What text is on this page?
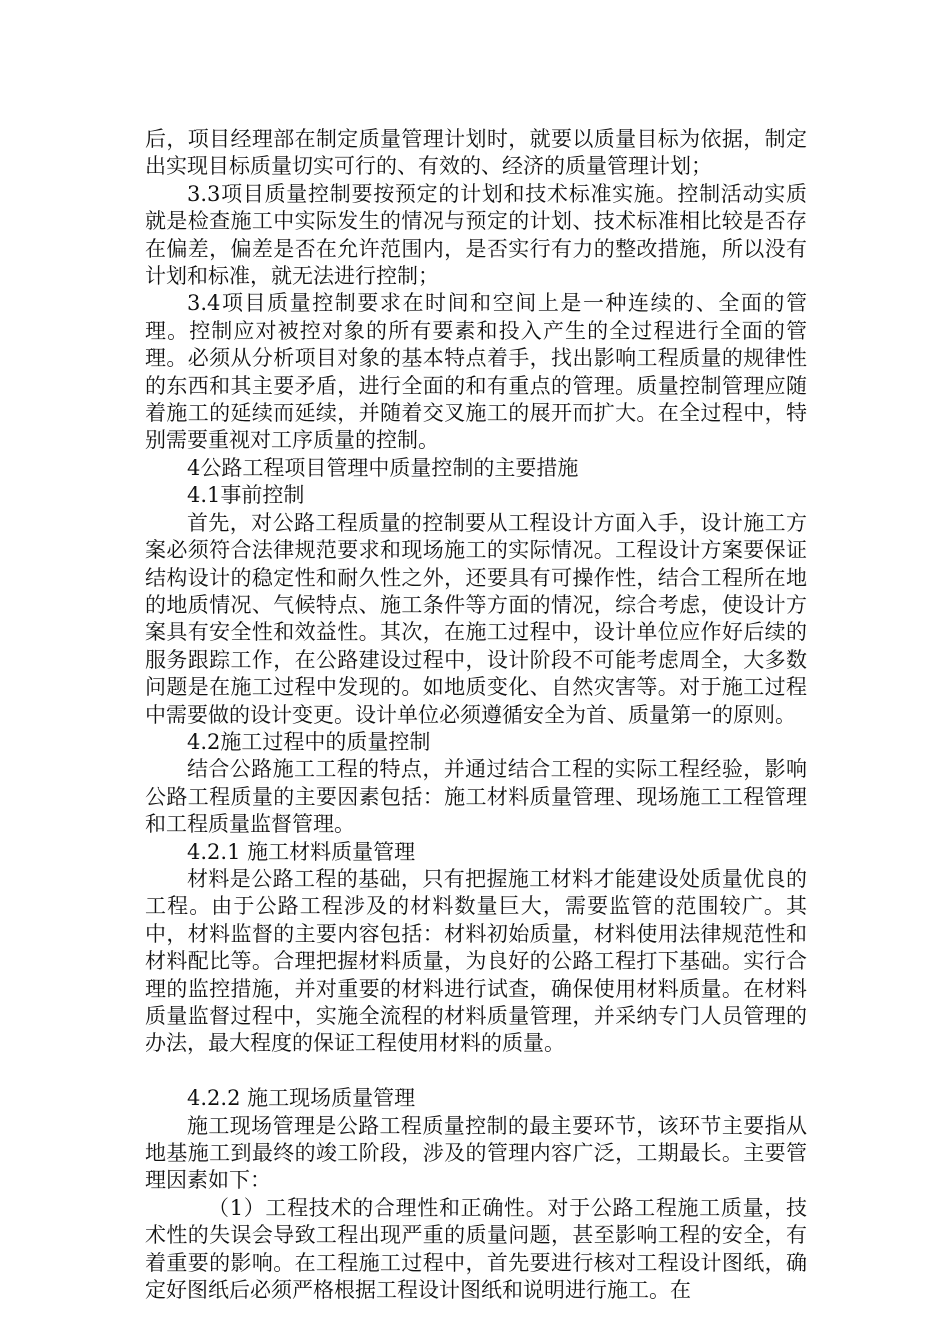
后，项目经理部在制定质量管理计划时，就要以质量目标为依据，制定出实现目标质量切实可行的、有效的、经济的质量管理计划；

3.3项目质量控制要按预定的计划和技术标准实施。控制活动实质就是检查施工中实际发生的情况与预定的计划、技术标准相比较是否存在偏差，偏差是否在允许范围内，是否实行有力的整改措施，所以没有计划和标准，就无法进行控制；

3.4项目质量控制要求在时间和空间上是一种连续的、全面的管理。控制应对被控对象的所有要素和投入产生的全过程进行全面的管理。必须从分析项目对象的基本特点着手，找出影响工程质量的规律性的东西和其主要矛盾，进行全面的和有重点的管理。质量控制管理应随着施工的延续而延续，并随着交叉施工的展开而扩大。在全过程中，特别需要重视对工序质量的控制。

4公路工程项目管理中质量控制的主要措施

4.1事前控制

首先，对公路工程质量的控制要从工程设计方面入手，设计施工方案必须符合法律规范要求和现场施工的实际情况。工程设计方案要保证结构设计的稳定性和耐久性之外，还要具有可操作性，结合工程所在地的地质情况、气候特点、施工条件等方面的情况，综合考虑，使设计方案具有安全性和效益性。其次，在施工过程中，设计单位应作好后续的服务跟踪工作，在公路建设过程中，设计阶段不可能考虑周全，大多数问题是在施工过程中发现的。如地质变化、自然灾害等。对于施工过程中需要做的设计变更。设计单位必须遵循安全为首、质量第一的原则。

4.2施工过程中的质量控制

结合公路施工工程的特点，并通过结合工程的实际工程经验，影响公路工程质量的主要因素包括：施工材料质量管理、现场施工工程管理和工程质量监督管理。

4.2.1 施工材料质量管理

材料是公路工程的基础，只有把握施工材料才能建设处质量优良的工程。由于公路工程涉及的材料数量巨大，需要监管的范围较广。其中，材料监督的主要内容包括：材料初始质量，材料使用法律规范性和材料配比等。合理把握材料质量，为良好的公路工程打下基础。实行合理的监控措施，并对重要的材料进行试查，确保使用材料质量。在材料质量监督过程中，实施全流程的材料质量管理，并采纳专门人员管理的办法，最大程度的保证工程使用材料的质量。

4.2.2 施工现场质量管理

施工现场管理是公路工程质量控制的最主要环节，该环节主要指从地基施工到最终的竣工阶段，涉及的管理内容广泛，工期最长。主要管理因素如下：

（1）工程技术的合理性和正确性。对于公路工程施工质量，技术性的失误会导致工程出现严重的质量问题，甚至影响工程的安全，有着重要的影响。在工程施工过程中，首先要进行核对工程设计图纸，确定好图纸后必须严格根据工程设计图纸和说明进行施工。在
